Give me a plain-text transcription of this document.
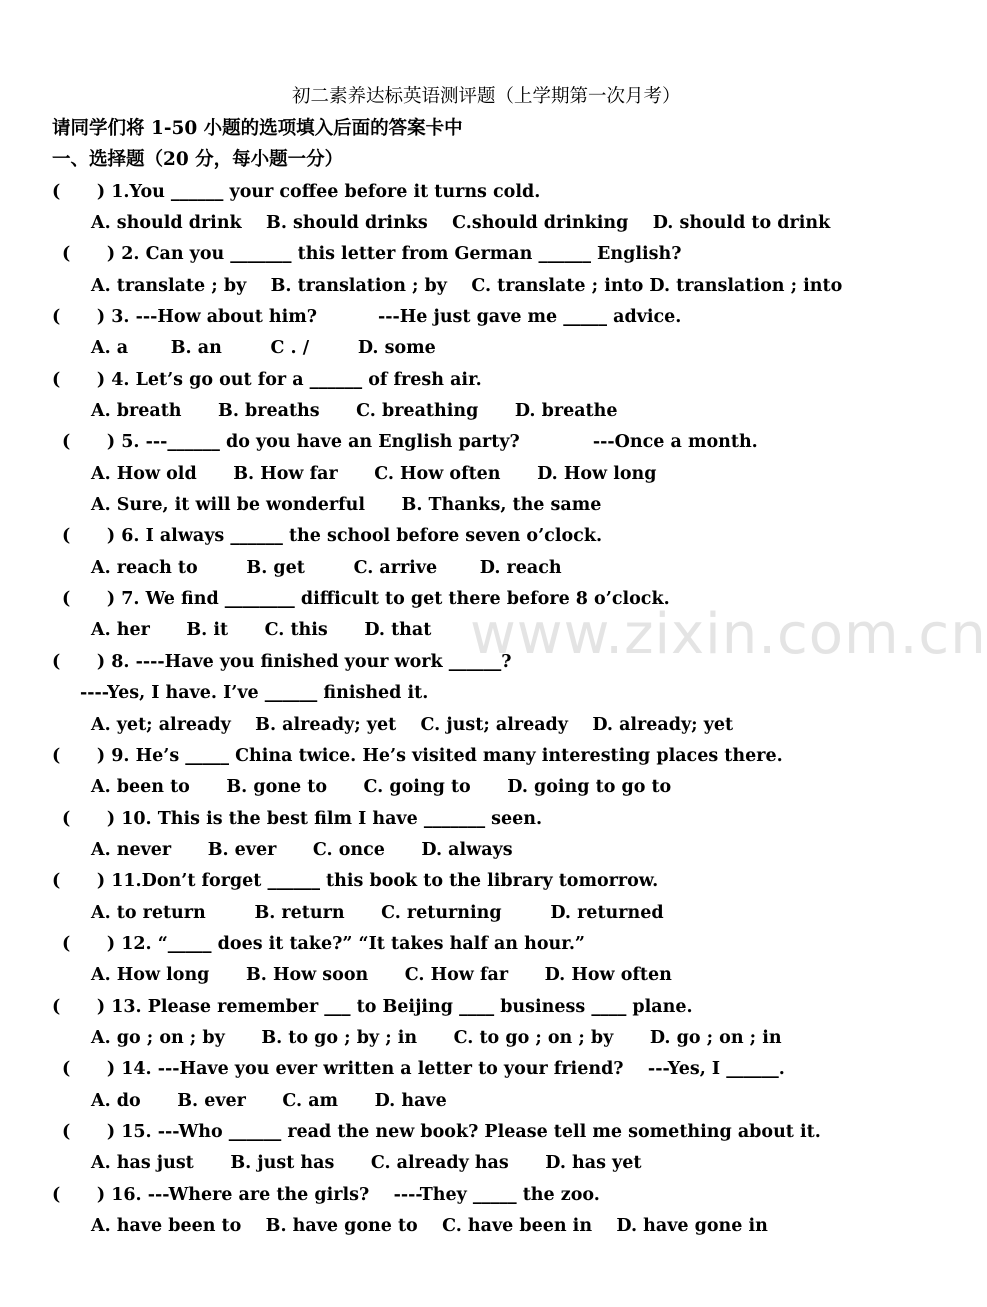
www.zixin.com.cn
初二素养达标英语测评题（上学期第一次月考）
请同学们将 1-50 小题的选项填入后面的答案卡中
一、选择题（20 分，每小题一分）
(      ) 1.You ______ your coffee before it turns cold.
A. should drink    B. should drinks    C.should drinking    D. should to drink
(      ) 2. Can you _______ this letter from German ______ English?
A. translate ; by    B. translation ; by    C. translate ; into D. translation ; into
(      ) 3. ---How about him?          ---He just gave me _____ advice.
A. a       B. an        C . /        D. some
(      ) 4. Let’s go out for a ______ of fresh air.
A. breath      B. breaths      C. breathing      D. breathe
(      ) 5. ---______ do you have an English party?            ---Once a month.
A. How old      B. How far      C. How often      D. How long
A. Sure, it will be wonderful      B. Thanks, the same
(      ) 6. I always ______ the school before seven o’clock.
A. reach to        B. get        C. arrive       D. reach
(      ) 7. We find ________ difficult to get there before 8 o’clock.
A. her      B. it      C. this      D. that
(      ) 8. ----Have you finished your work ______?
----Yes, I have. I’ve ______ finished it.
A. yet; already    B. already; yet    C. just; already    D. already; yet
(      ) 9. He’s _____ China twice. He’s visited many interesting places there.
A. been to      B. gone to      C. going to      D. going to go to
(      ) 10. This is the best film I have _______ seen.
A. never      B. ever      C. once      D. always
(      ) 11.Don’t forget ______ this book to the library tomorrow.
A. to return        B. return      C. returning        D. returned
(      ) 12. “_____ does it take?” “It takes half an hour.”
A. How long      B. How soon      C. How far      D. How often
(      ) 13. Please remember ___ to Beijing ____ business ____ plane.
A. go ; on ; by      B. to go ; by ; in      C. to go ; on ; by      D. go ; on ; in
(      ) 14. ---Have you ever written a letter to your friend?    ---Yes, I ______.
A. do      B. ever      C. am      D. have
(      ) 15. ---Who ______ read the new book? Please tell me something about it.
A. has just      B. just has      C. already has      D. has yet
(      ) 16. ---Where are the girls?    ----They _____ the zoo.
A. have been to    B. have gone to    C. have been in    D. have gone in
